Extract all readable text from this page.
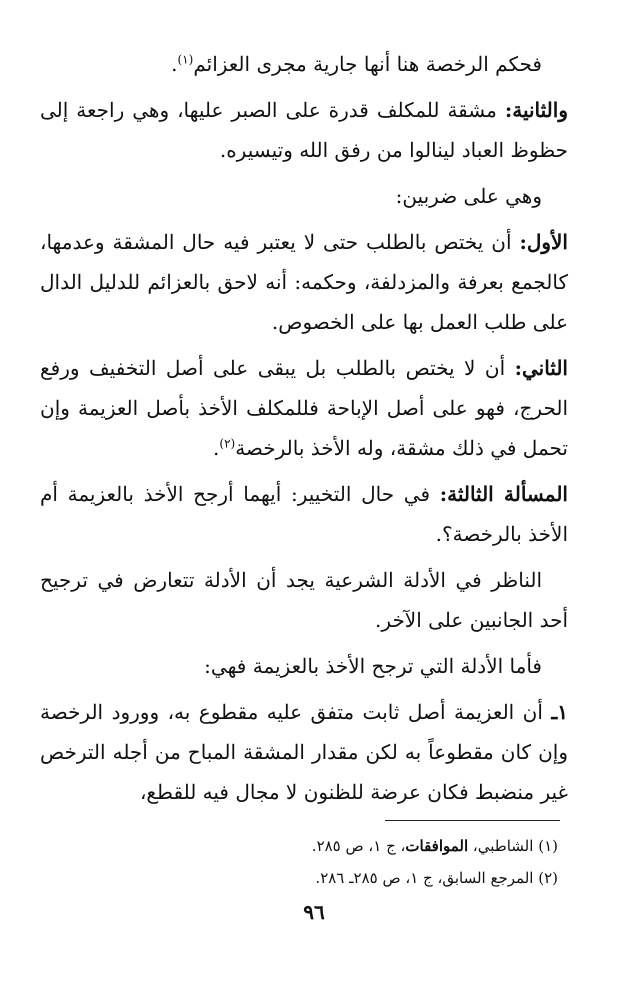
فحكم الرخصة هنا أنها جارية مجرى العزائم$^{(١)}$.

والثانية: مشقة للمكلف قدرة على الصبر عليها، وهي راجعة إلى حظوظ العباد لينالوا من رفق الله وتيسيره.

وهي على ضربين:

الأول: أن يختص بالطلب حتى لا يعتبر فيه حال المشقة وعدمها، كالجمع بعرفة والمزدلفة، وحكمه: أنه لاحق بالعزائم للدليل الدال على طلب العمل بها على الخصوص.

الثاني: أن لا يختص بالطلب بل يبقى على أصل التخفيف ورفع الحرج، فهو على أصل الإباحة فللمكلف الأخذ بأصل العزيمة وإن تحمل في ذلك مشقة، وله الأخذ بالرخصة$^{(٢)}$.

المسألة الثالثة: في حال التخيير: أيهما أرجح الأخذ بالعزيمة أم الأخذ بالرخصة؟.

الناظر في الأدلة الشرعية يجد أن الأدلة تتعارض في ترجيح أحد الجانبين على الآخر.

فأما الأدلة التي ترجح الأخذ بالعزيمة فهي:

١ـ أن العزيمة أصل ثابت متفق عليه مقطوع به، وورود الرخصة وإن كان مقطوعاً به لكن مقدار المشقة المباح من أجله الترخص غير منضبط فكان عرضة للظنون لا مجال فيه للقطع،

(١) الشاطبي، الموافقات، ج ١، ص ٢٨٥.

(٢) المرجع السابق، ج ١، ص ٢٨٥ـ ٢٨٦.

٩٦
